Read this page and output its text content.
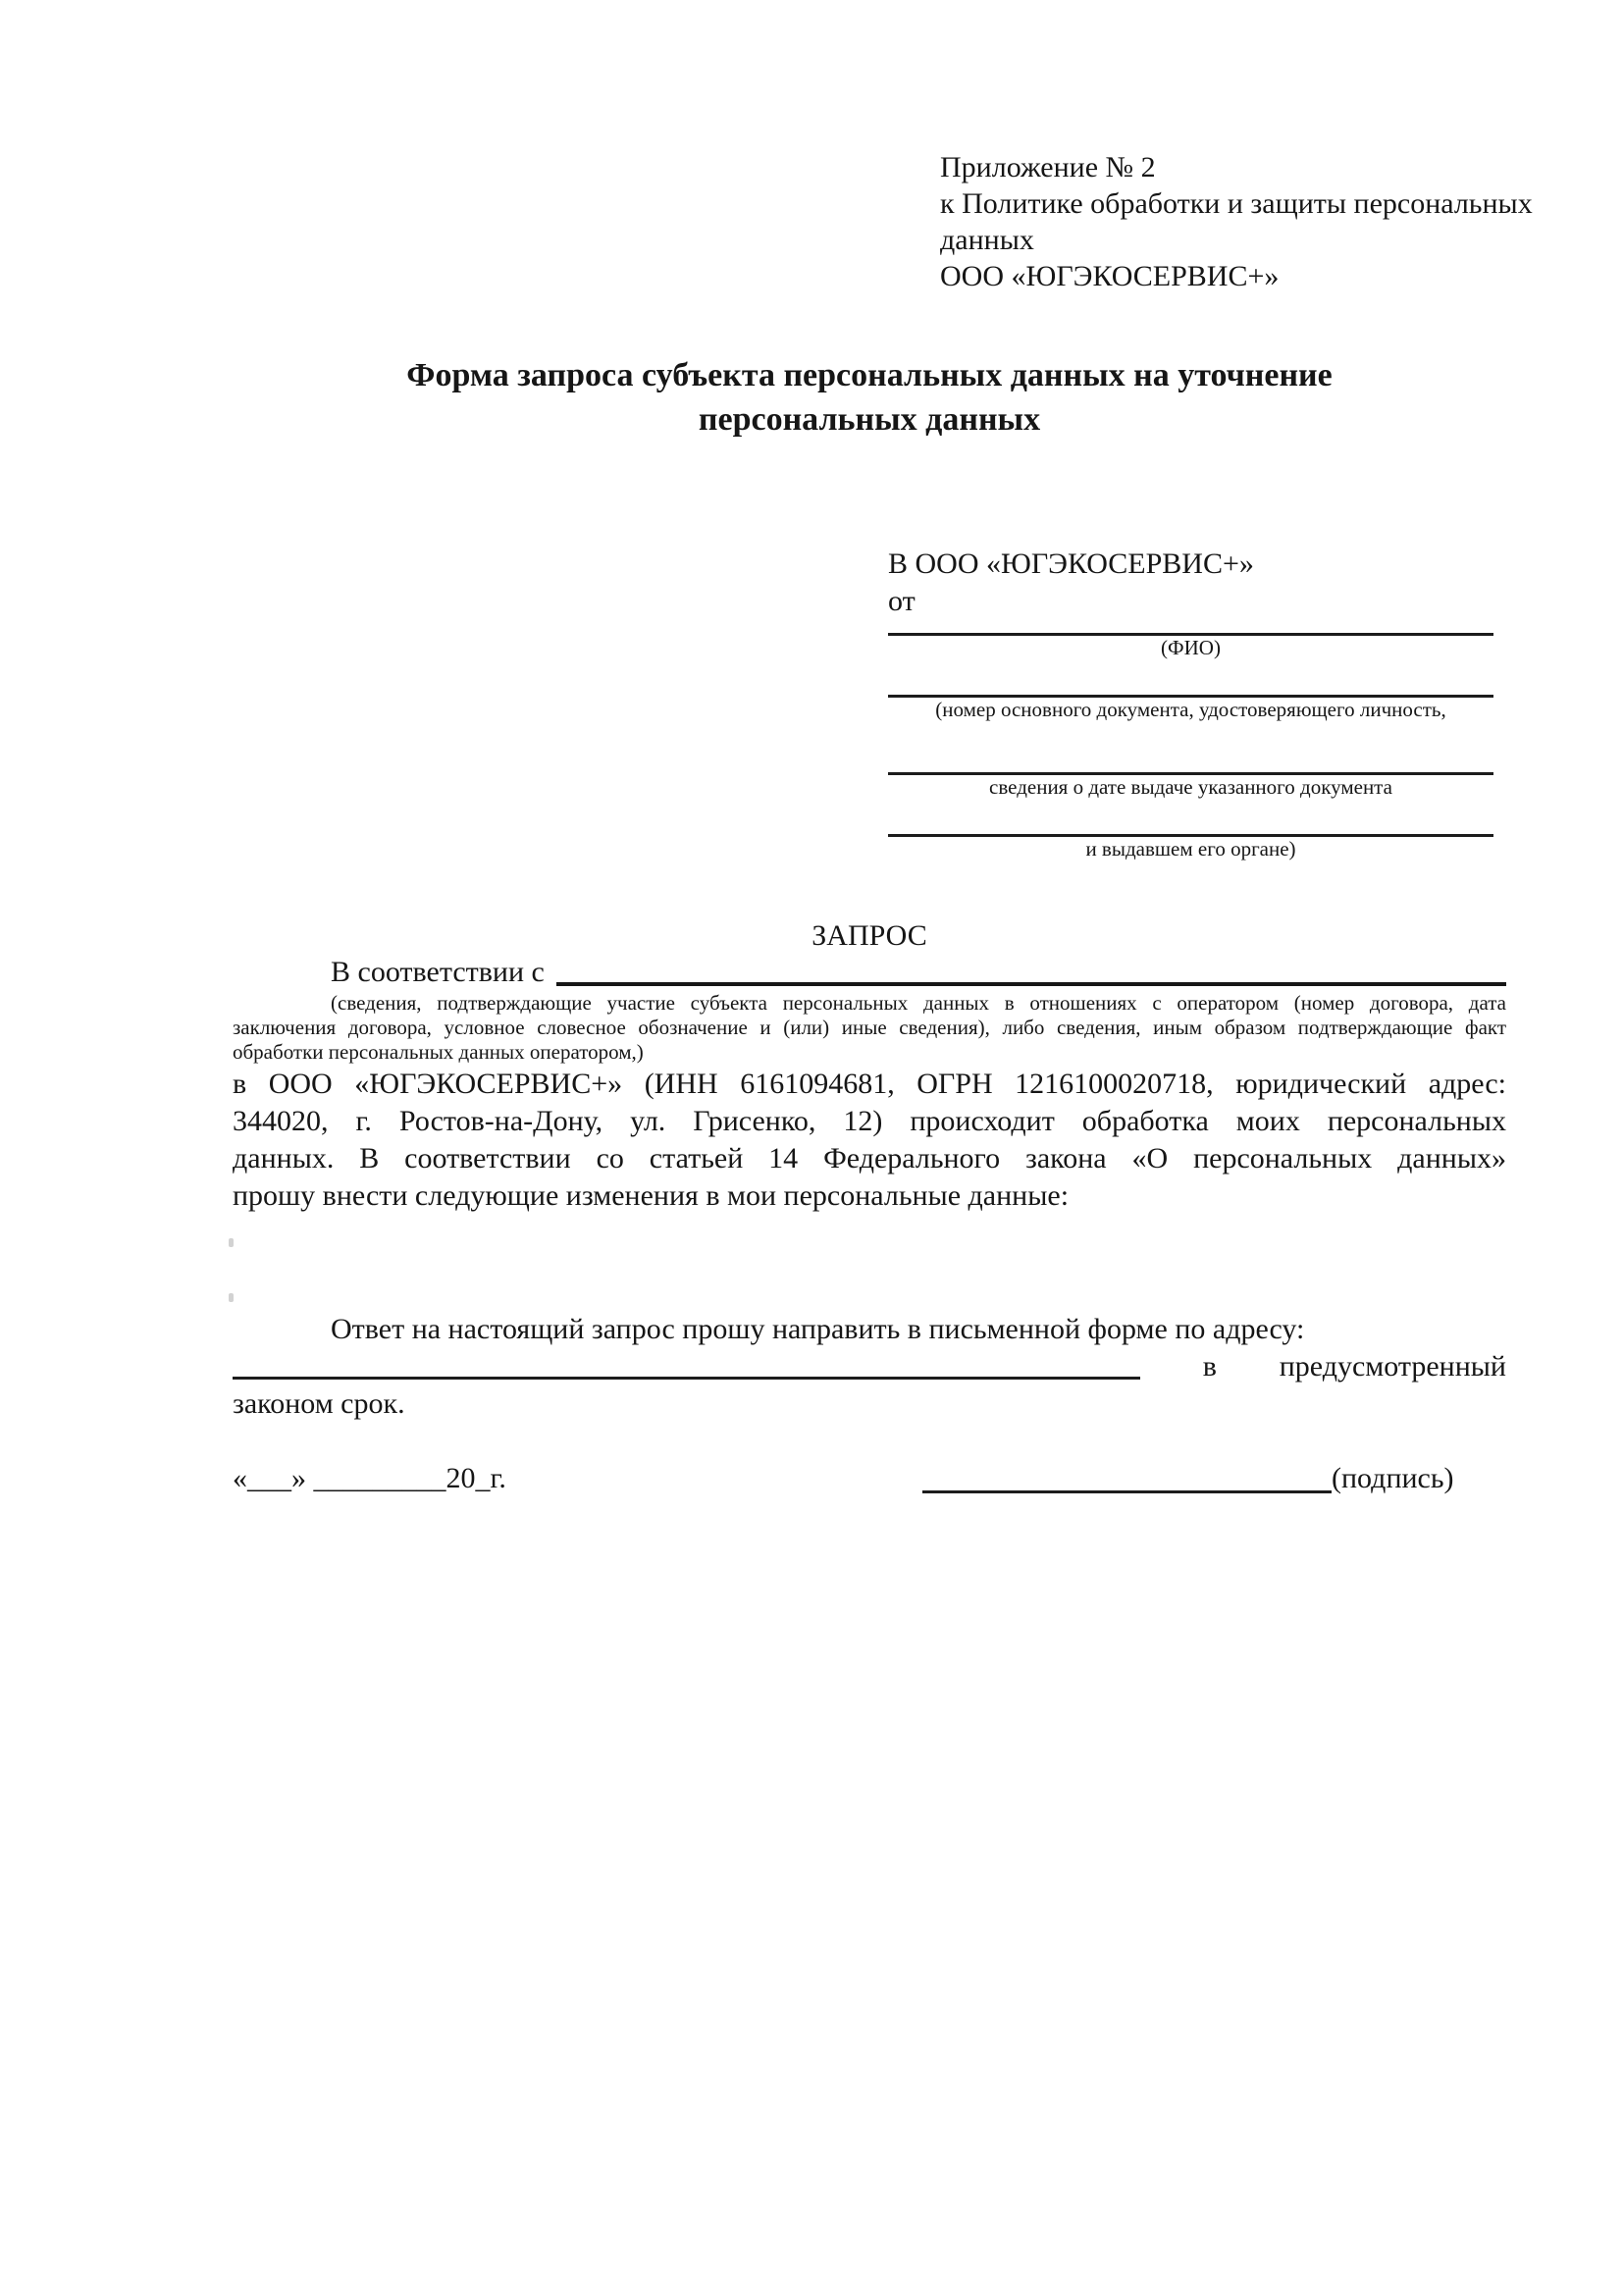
Приложение № 2
к Политике обработки и защиты персональных
данных
ООО «ЮГЭКОСЕРВИС+»
Форма запроса субъекта персональных данных на уточнение
персональных данных
В ООО «ЮГЭКОСЕРВИС+»
от
(ФИО)
(номер основного документа, удостоверяющего личность,
сведения о дате выдаче указанного документа
и выдавшем его органе)
ЗАПРОС
В соответствии с
(сведения, подтверждающие участие субъекта персональных данных в отношениях с оператором (номер договора, дата
заключения договора, условное словесное обозначение и (или) иные сведения), либо сведения, иным образом подтверждающие факт
обработки персональных данных оператором,)
в ООО «ЮГЭКОСЕРВИС+» (ИНН 6161094681, ОГРН 1216100020718, юридический адрес:
344020, г. Ростов-на-Дону, ул. Грисенко, 12) происходит обработка моих персональных
данных. В соответствии со статьей 14 Федерального закона «О персональных данных»
прошу внести следующие изменения в мои персональные данные:
Ответ на настоящий запрос прошу направить в письменной форме по адресу:
в предусмотренный
законом срок.
«___» _________20_г.	(подпись)
